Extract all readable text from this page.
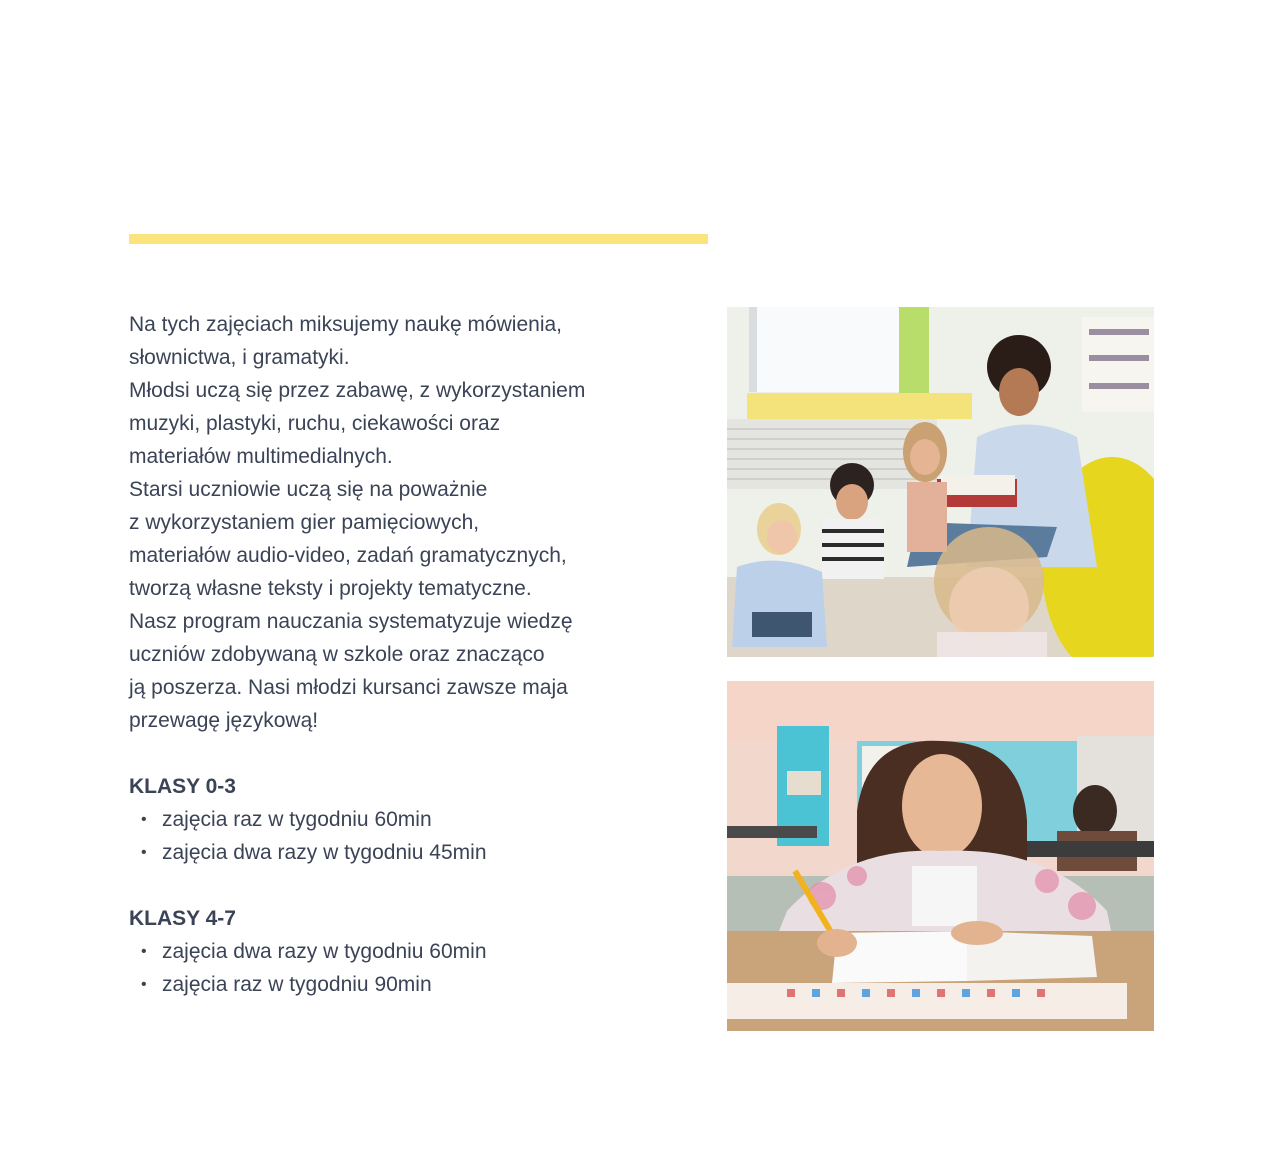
Na tych zajęciach miksujemy naukę mówienia,

słownictwa, i gramatyki.

Młodsi uczą się przez zabawę, z wykorzystaniem

muzyki, plastyki, ruchu, ciekawości oraz

materiałów multimedialnych.

Starsi uczniowie uczą się na poważnie

z wykorzystaniem gier pamięciowych,

materiałów audio-video, zadań gramatycznych,

tworzą własne teksty i projekty tematyczne.

Nasz program nauczania systematyzuje wiedzę

uczniów zdobywaną w szkole oraz znacząco

ją poszerza. Nasi młodzi kursanci zawsze maja

przewagę językową!

KLASY 0-3
• zajęcia raz w tygodniu 60min
• zajęcia dwa razy w tygodniu 45min
KLASY 4-7
• zajęcia dwa razy w tygodniu 60min
• zajęcia raz w tygodniu 90min
